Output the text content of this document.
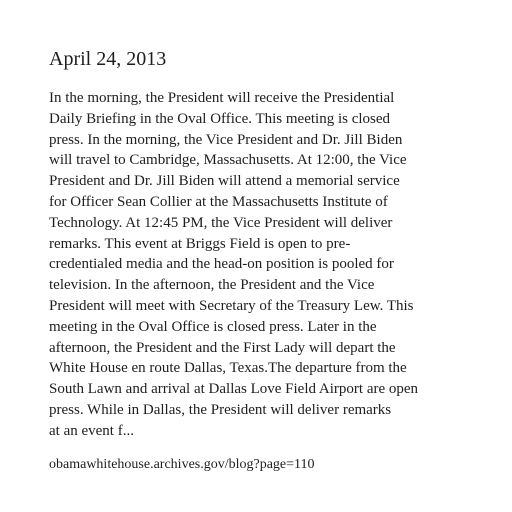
April 24, 2013
In the morning, the President will receive the Presidential
Daily Briefing in the Oval Office. This meeting is closed
press. In the morning, the Vice President and Dr. Jill Biden
will travel to Cambridge, Massachusetts. At 12:00, the Vice
President and Dr. Jill Biden will attend a memorial service
for Officer Sean Collier at the Massachusetts Institute of
Technology. At 12:45 PM, the Vice President will deliver
remarks. This event at Briggs Field is open to pre-
credentialed media and the head-on position is pooled for
television. In the afternoon, the President and the Vice
President will meet with Secretary of the Treasury Lew. This
meeting in the Oval Office is closed press. Later in the
afternoon, the President and the First Lady will depart the
White House en route Dallas, Texas.The departure from the
South Lawn and arrival at Dallas Love Field Airport are open
press. While in Dallas, the President will deliver remarks
at an event f...
obamawhitehouse.archives.gov/blog?page=110
